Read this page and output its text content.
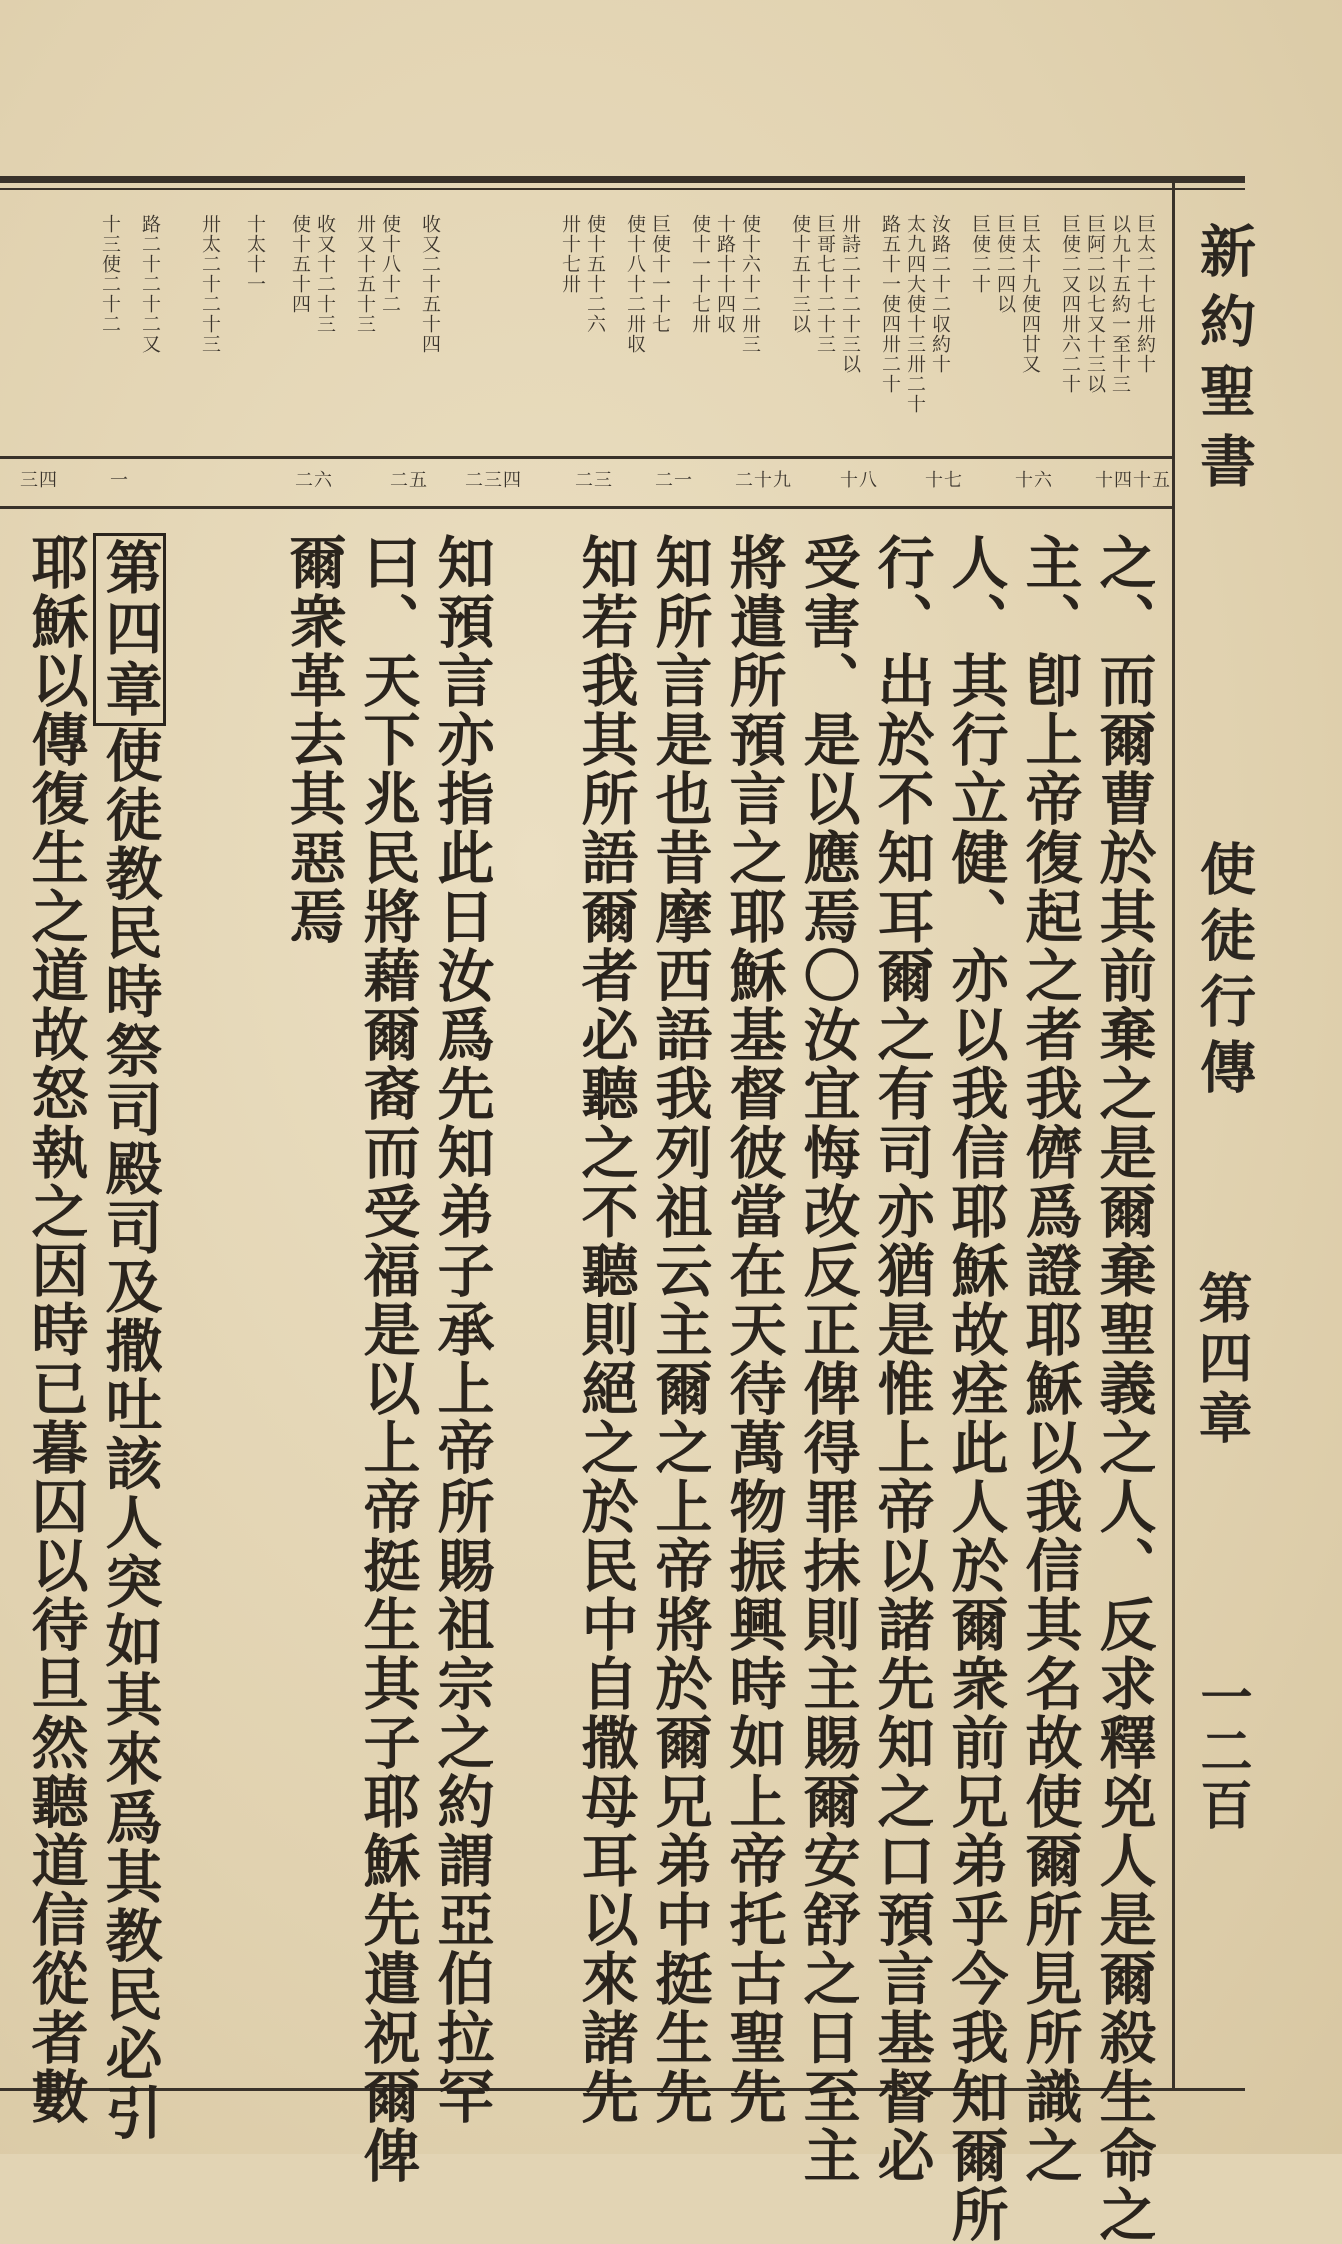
新約聖書
使徒行傳
第四章
一二百
巨太二十七卅約十
以九十五約一至十三
巨阿二以七又十三以
巨使二又四卅六二十
巨太十九使四廿又
巨使二四以
巨使二十
汝路二十二収約十
太九四大使十三卅二十
路五十一使四卅二十
卅詩二十二十三以
巨哥七十二十三
使十五十三以
使十六十二卅三
十路十十四収
使十一十七卅
巨使十一十七
使十八十二卅収
使十五十二六
卅十七卅
收又二十五十四
使十八十二
卅又十五十三
收又十二十三
使十五十四
十太十一
卅太二十二十三
路二十二十二又
十三使二十二
十四十五
十六
十七
十八
二十九
二一
二三
二三四
二五
二六
一
三四
之、而爾曹於其前棄之是爾棄聖義之人、反求釋兇人是爾殺生命之
主、卽上帝復起之者我儕爲證耶穌以我信其名故使爾所見所識之
人、其行立健、亦以我信耶穌故痊此人於爾衆前兄弟乎今我知爾所
行、出於不知耳爾之有司亦猶是惟上帝以諸先知之口預言基督必
受害、是以應焉〇汝宜悔改反正俾得罪抹則主賜爾安舒之日至主
將遣所預言之耶穌基督彼當在天待萬物振興時如上帝托古聖先
知所言是也昔摩西語我列祖云主爾之上帝將於爾兄弟中挺生先
知若我其所語爾者必聽之不聽則絕之於民中自撒母耳以來諸先
知預言亦指此日汝爲先知弟子承上帝所賜祖宗之約謂亞伯拉罕
曰、天下兆民將藉爾裔而受福是以上帝挺生其子耶穌先遣祝爾俾
爾衆革去其惡焉
第四章使徒教民時祭司殿司及撒吐該人突如其來爲其教民必引
耶穌以傳復生之道故怒執之因時已暮囚以待旦然聽道信從者數
